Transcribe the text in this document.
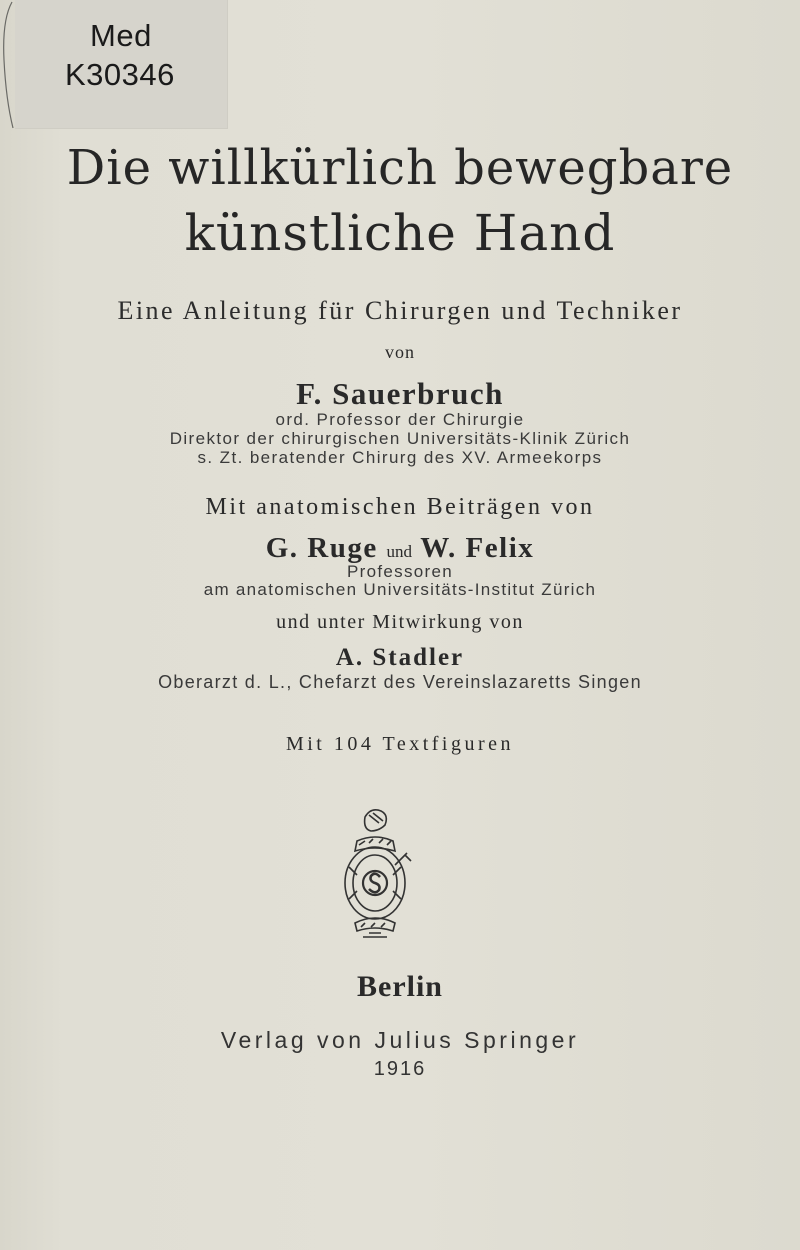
Med
K30346
Die willkürlich bewegbare
künstliche Hand
Eine Anleitung für Chirurgen und Techniker
von
F. Sauerbruch
ord. Professor der Chirurgie
Direktor der chirurgischen Universitäts-Klinik Zürich
s. Zt. beratender Chirurg des XV. Armeekorps
Mit anatomischen Beiträgen von
G. Ruge und W. Felix
Professoren
am anatomischen Universitäts-Institut Zürich
und unter Mitwirkung von
A. Stadler
Oberarzt d. L., Chefarzt des Vereinslazaretts Singen
Mit 104 Textfiguren
Berlin
Verlag von Julius Springer
1916
